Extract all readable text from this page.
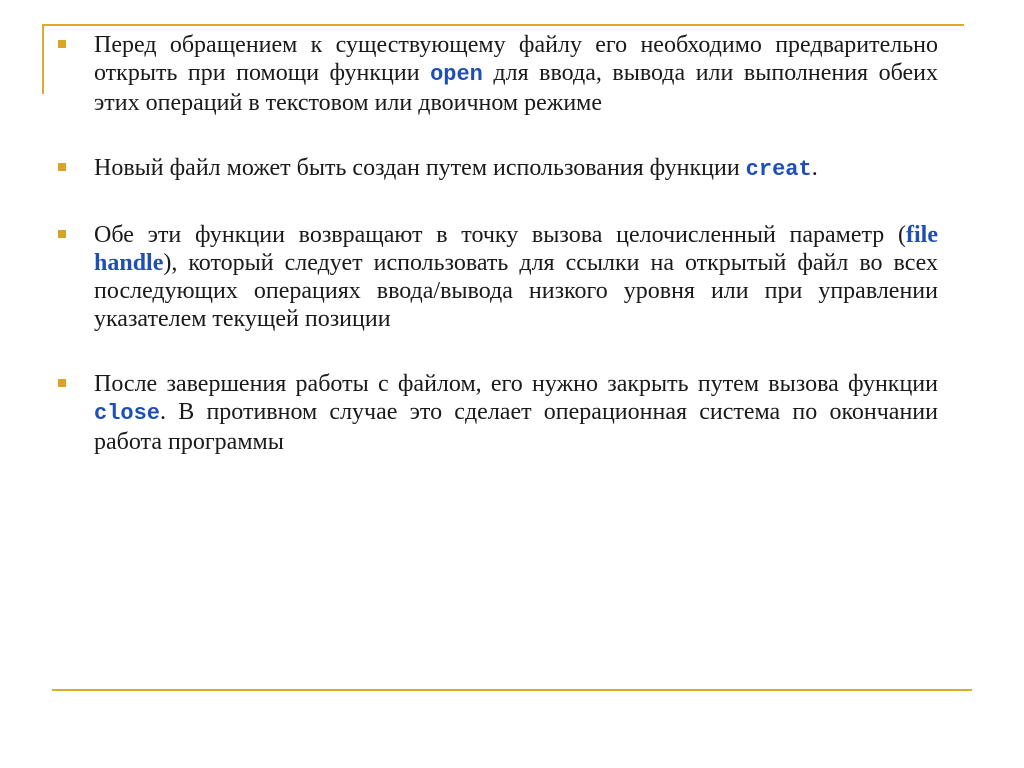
Перед обращением к существующему файлу его необходимо предварительно открыть при помощи функции open для ввода, вывода или выполнения обеих этих операций в текстовом или двоичном режиме
Новый файл может быть создан путем использования функции creat.
Обе эти функции возвращают в точку вызова целочисленный параметр (file handle), который следует использовать для ссылки на открытый файл во всех последующих операциях ввода/вывода низкого уровня или при управлении указателем текущей позиции
После завершения работы с файлом, его нужно закрыть путем вызова функции close. В противном случае это сделает операционная система по окончании работа программы
